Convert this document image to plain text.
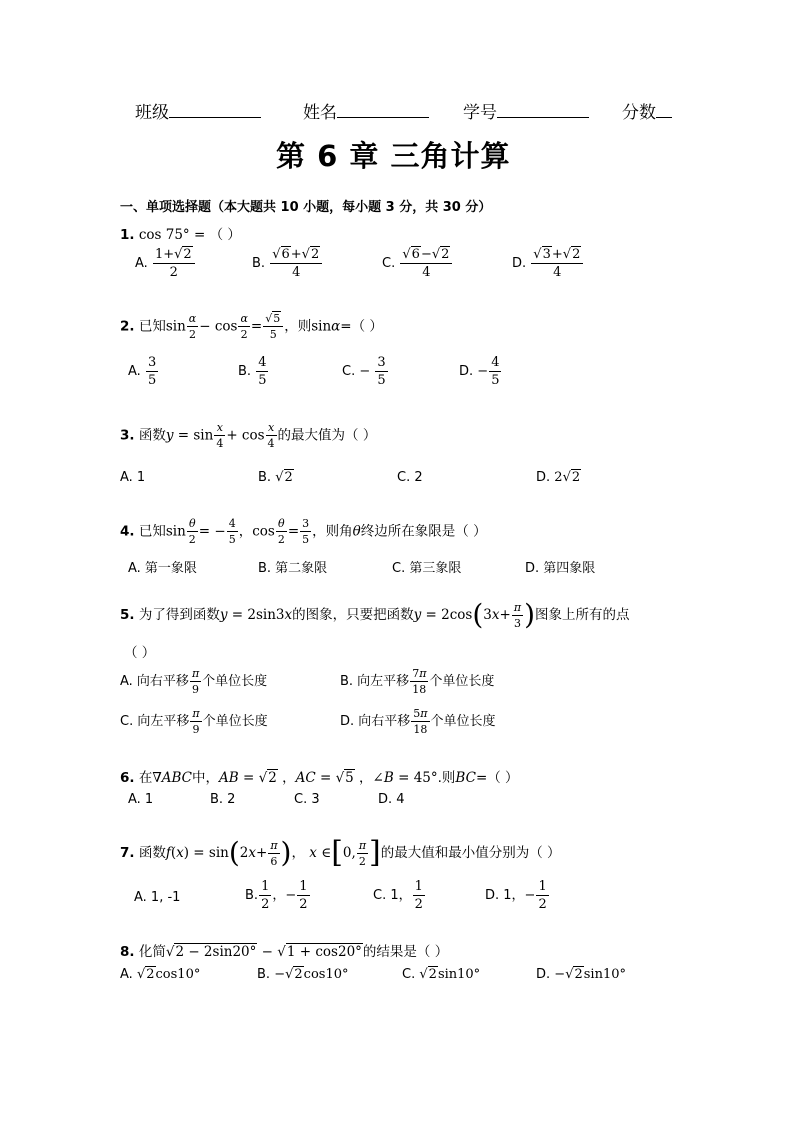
班级	姓名	学号	分数
第 6 章 三角计算
一、单项选择题（本大题共 10 小题，每小题 3 分，共 30 分）
1. cos 75° = （ ）
A. $\frac{1+√2}{2}$	B. $\frac{√6+√2}{4}$	C. $\frac{√6-√2}{4}$	D. $\frac{√3+√2}{4}$
2. 已知$\sin \frac{\alpha}{2} - \cos \frac{\alpha}{2} = \frac{√5}{5}$ ，则sinα=（ ）
A. $\frac{3}{5}$	B. $\frac{4}{5}$	C. − $\frac{3}{5}$	D. − $\frac{4}{5}$
3. 函数$y = \sin \frac{x}{4} + \cos \frac{x}{4}$ 的最大值为（ ）
A. 1	B. √2	C. 2	D. 2√2
4. 已知$\sin \frac{\theta}{2}$ = − $\frac{4}{5}$ ，$\cos \frac{\theta}{2} = \frac{3}{5}$ ，则角θ终边所在象限是（ ）
A. 第一象限	B. 第二象限	C. 第三象限	D. 第四象限
5. 为了得到函数y = 2sin3x的图象，只要把函数$y = 2\cos(3x+ \frac{\pi}{3}$ )图象上所有的点
（ ）
A. 向右平移 $\frac{\pi}{9}$ 个单位长度	B. 向左平移 $\frac{7\pi}{18}$ 个单位长度
C. 向左平移 $\frac{\pi}{9}$ 个单位长度	D. 向右平移 $\frac{5\pi}{18}$ 个单位长度
6. 在∇ABC中，AB = √2 ，AC = √5 ，∠B = 45°.则BC=（ ）
A. 1	B. 2	C. 3	D. 4
7. 函数$f(x) = \sin(2x+ \frac{\pi}{6}$ )， x ∈[0, $\frac{\pi}{2}$ ]的最大值和最小值分别为（ ）
A. 1, -1	B. $\frac{1}{2}$ ，− $\frac{1}{2}$	C. 1， $\frac{1}{2}$	D. 1，− $\frac{1}{2}$
8. 化简√2 − 2sin20° − √1 + cos20°的结果是（ ）
A. √2cos10°	B. −√2cos10°	C. √2sin10°	D. −√2sin10°
